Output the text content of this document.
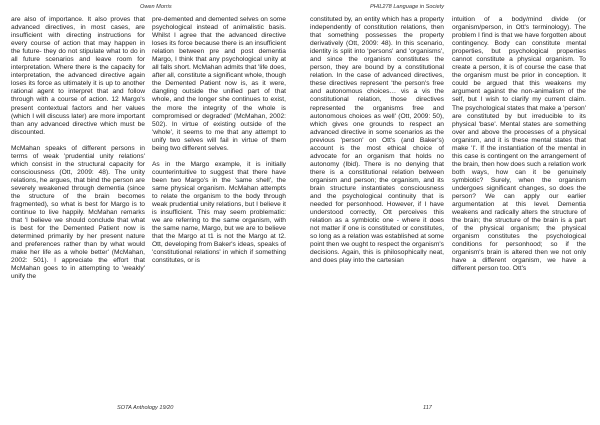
Owen Morris	PHIL278 Language in Society

are also of importance. It also proves that advanced directives, in most cases, are insufficient with directing instructions for every course of action that may happen in the future- they do not stipulate what to do in all future scenarios and leave room for interpretation. Where there is the capacity for interpretation, the advanced directive again loses its force as ultimately it is up to another rational agent to interpret that and follow through with a course of action. 12 Margo's present contextual factors and her values (which I will discuss later) are more important than any advanced directive which must be discounted.

McMahan speaks of different persons in terms of weak 'prudential unity relations' which consist in the structural capacity for consciousness (Ott, 2009: 48). The unity relations, he argues, that bind the person are severely weakened through dementia (since the structure of the brain becomes fragmented), so what is best for Margo is to continue to live happily. McMahan remarks that 'I believe we should conclude that what is best for the Demented Patient now is determined primarily by her present nature and preferences rather than by what would make her life as a whole better' (McMahan, 2002: 501). I appreciate the effort that McMahan goes to in attempting to 'weakly' unify the

pre-demented and demented selves on some psychological instead of animalistic basis. Whilst I agree that the advanced directive loses its force because there is an insufficient relation between pre and post dementia Margo, I think that any psychological unity at all falls short. McMahan admits that 'life does, after all, constitute a significant whole, though the Demented Patient now is, as it were, dangling outside the unified part of that whole, and the longer she continues to exist, the more the integrity of the whole is compromised or degraded' (McMahan, 2002: 502). In virtue of existing outside of the 'whole', it seems to me that any attempt to unify two selves will fail in virtue of them being two different selves.

As in the Margo example, it is initially counterintuitive to suggest that there have been two Margo's in the 'same shell', the same physical organism. McMahan attempts to relate the organism to the body through weak prudential unity relations, but I believe it is insufficient. This may seem problematic: we are referring to the same organism, with the same name, Margo, but we are to believe that the Margo at t1 is not the Margo at t2. Ott, developing from Baker's ideas, speaks of 'constitutional relations' in which if something constitutes, or is

constituted by, an entity which has a property independently of constitution relations, then that something possesses the property derivatively (Ott, 2009: 48). In this scenario, identity is split into 'persons' and 'organisms', and since the organism constitutes the person, they are bound by a constitutional relation. In the case of advanced directives, these directives represent 'the person's free and autonomous choices… vis a vis the constitutional relation, those directives represented the organisms free and autonomous choices as well' (Ott, 2009: 50), which gives one grounds to respect an advanced directive in some scenarios as the previous 'person' on Ott's (and Baker's) account is the most ethical choice of advocate for an organism that holds no autonomy (Ibid). There is no denying that there is a constitutional relation between organism and person; the organism, and its brain structure instantiates consciousness and the psychological continuity that is needed for personhood. However, if I have understood correctly, Ott perceives this relation as a symbiotic one - where it does not matter if one is constituted or constitutes, so long as a relation was established at some point then we ought to respect the organism's decisions. Again, this is philosophically neat, and does play into the cartesian

intuition of a body/mind divide (or organism/person, in Ott's terminology). The problem I find is that we have forgotten about contingency. Body can constitute mental properties, but psychological properties cannot constitute a physical organism. To create a person, it is of course the case that the organism must be prior in conception. It could be argued that this weakens my argument against the non-animalism of the self, but I wish to clarify my current claim. The psychological states that make a 'person' are constituted by but irreducible to its physical 'base'. Mental states are something over and above the processes of a physical organism, and it is these mental states that make 'I'. If the instantiation of the mental in this case is contingent on the arrangement of the brain, then how does such a relation work both ways, how can it be genuinely symbiotic? Surely, when the organism undergoes significant changes, so does the person? We can apply our earlier argumentation at this level. Dementia weakens and radically alters the structure of the brain; the structure of the brain is a part of the physical organism; the physical organism constitutes the psychological conditions for personhood; so if the organism's brain is altered then we not only have a different organism, we have a different person too. Ott's

SOTA Anthology 19/20	117
